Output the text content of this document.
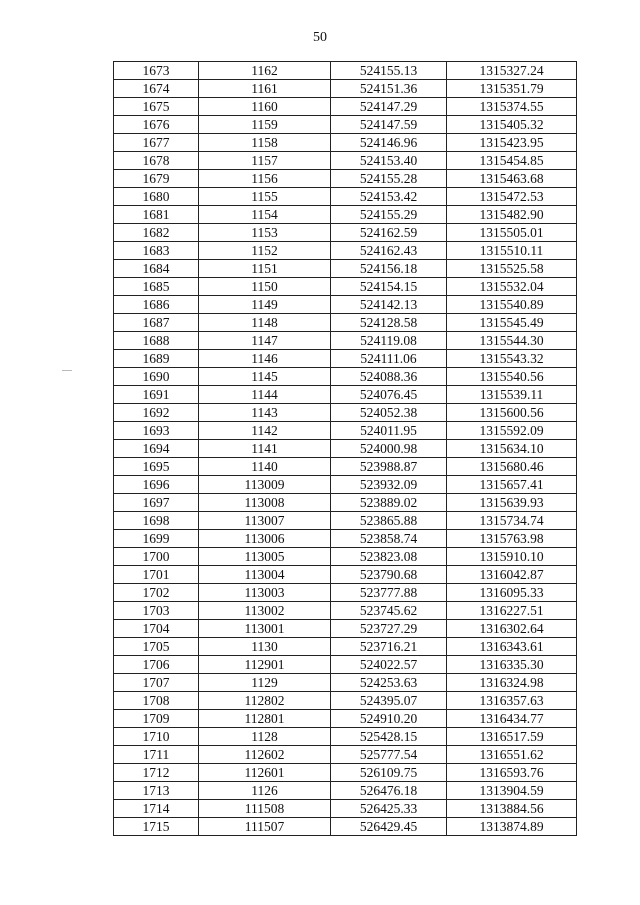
50
1673	1162	524155.13	1315327.24
1674	1161	524151.36	1315351.79
1675	1160	524147.29	1315374.55
1676	1159	524147.59	1315405.32
1677	1158	524146.96	1315423.95
1678	1157	524153.40	1315454.85
1679	1156	524155.28	1315463.68
1680	1155	524153.42	1315472.53
1681	1154	524155.29	1315482.90
1682	1153	524162.59	1315505.01
1683	1152	524162.43	1315510.11
1684	1151	524156.18	1315525.58
1685	1150	524154.15	1315532.04
1686	1149	524142.13	1315540.89
1687	1148	524128.58	1315545.49
1688	1147	524119.08	1315544.30
1689	1146	524111.06	1315543.32
1690	1145	524088.36	1315540.56
1691	1144	524076.45	1315539.11
1692	1143	524052.38	1315600.56
1693	1142	524011.95	1315592.09
1694	1141	524000.98	1315634.10
1695	1140	523988.87	1315680.46
1696	113009	523932.09	1315657.41
1697	113008	523889.02	1315639.93
1698	113007	523865.88	1315734.74
1699	113006	523858.74	1315763.98
1700	113005	523823.08	1315910.10
1701	113004	523790.68	1316042.87
1702	113003	523777.88	1316095.33
1703	113002	523745.62	1316227.51
1704	113001	523727.29	1316302.64
1705	1130	523716.21	1316343.61
1706	112901	524022.57	1316335.30
1707	1129	524253.63	1316324.98
1708	112802	524395.07	1316357.63
1709	112801	524910.20	1316434.77
1710	1128	525428.15	1316517.59
1711	112602	525777.54	1316551.62
1712	112601	526109.75	1316593.76
1713	1126	526476.18	1313904.59
1714	111508	526425.33	1313884.56
1715	111507	526429.45	1313874.89
